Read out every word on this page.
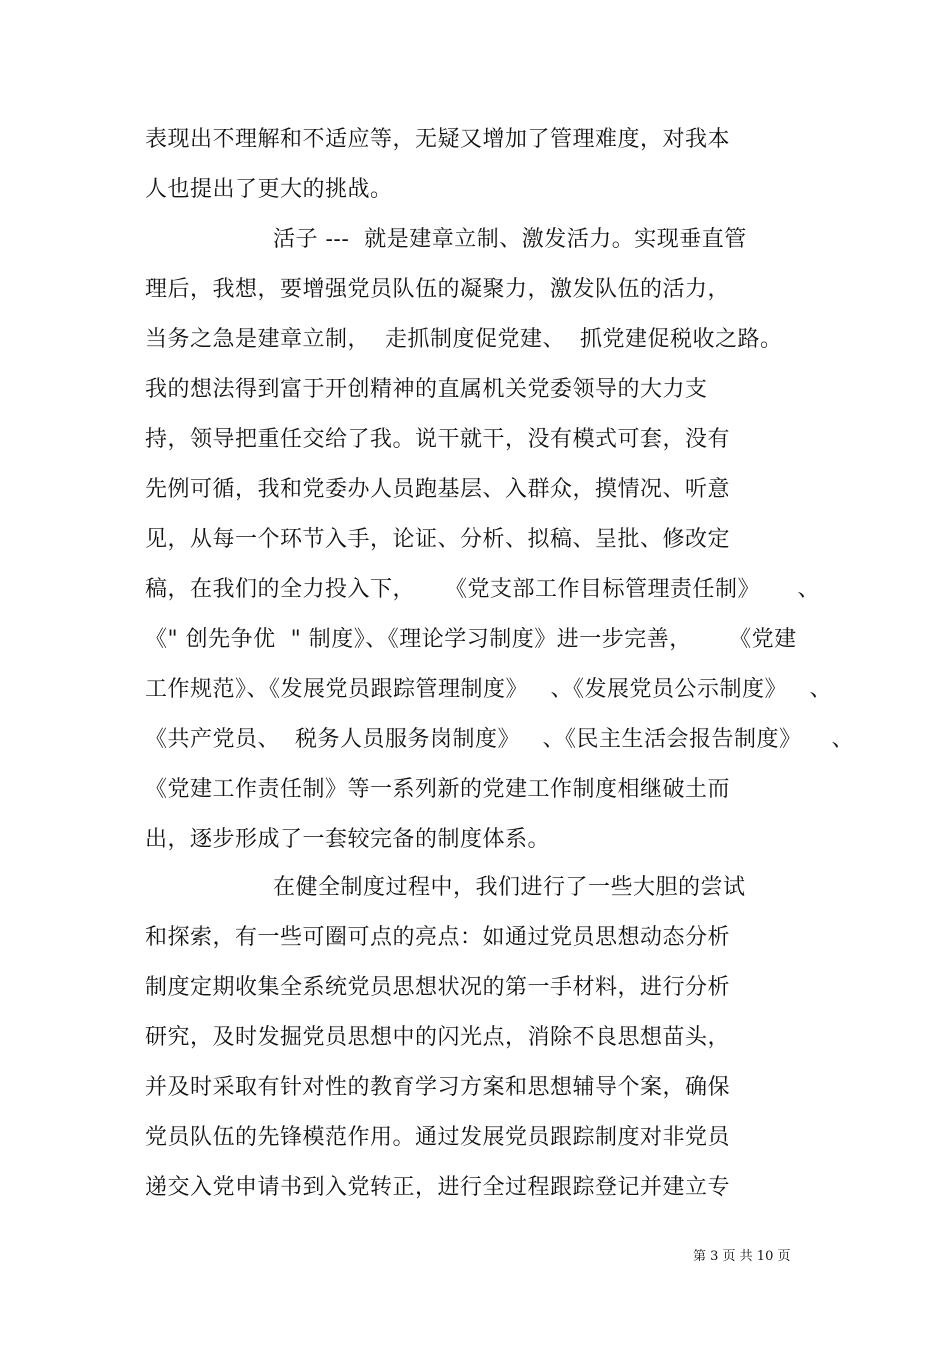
表现出不理解和不适应等，无疑又增加了管理难度，对我本
人也提出了更大的挑战。
活子 ---  就是建章立制、激发活力。实现垂直管
理后，我想，要增强党员队伍的凝聚力，激发队伍的活力，
当务之急是建章立制，  走抓制度促党建、  抓党建促税收之路。
我的想法得到富于开创精神的直属机关党委领导的大力支
持，领导把重任交给了我。说干就干，没有模式可套，没有
先例可循，我和党委办人员跑基层、入群众，摸情况、听意
见，从每一个环节入手，论证、分析、拟稿、呈批、修改定
稿，在我们的全力投入下，    《党支部工作目标管理责任制》     、
《" 创先争优  " 制度》、《理论学习制度》进一步完善，     《党建
工作规范》、《发展党员跟踪管理制度》   、《发展党员公示制度》   、
《共产党员、  税务人员服务岗制度》   、《民主生活会报告制度》    、
《党建工作责任制》等一系列新的党建工作制度相继破土而
出，逐步形成了一套较完备的制度体系。
在健全制度过程中，我们进行了一些大胆的尝试
和探索，有一些可圈可点的亮点：如通过党员思想动态分析
制度定期收集全系统党员思想状况的第一手材料，进行分析
研究，及时发掘党员思想中的闪光点，消除不良思想苗头，
并及时采取有针对性的教育学习方案和思想辅导个案，确保
党员队伍的先锋模范作用。通过发展党员跟踪制度对非党员
递交入党申请书到入党转正，进行全过程跟踪登记并建立专
第 3 页 共 10 页
